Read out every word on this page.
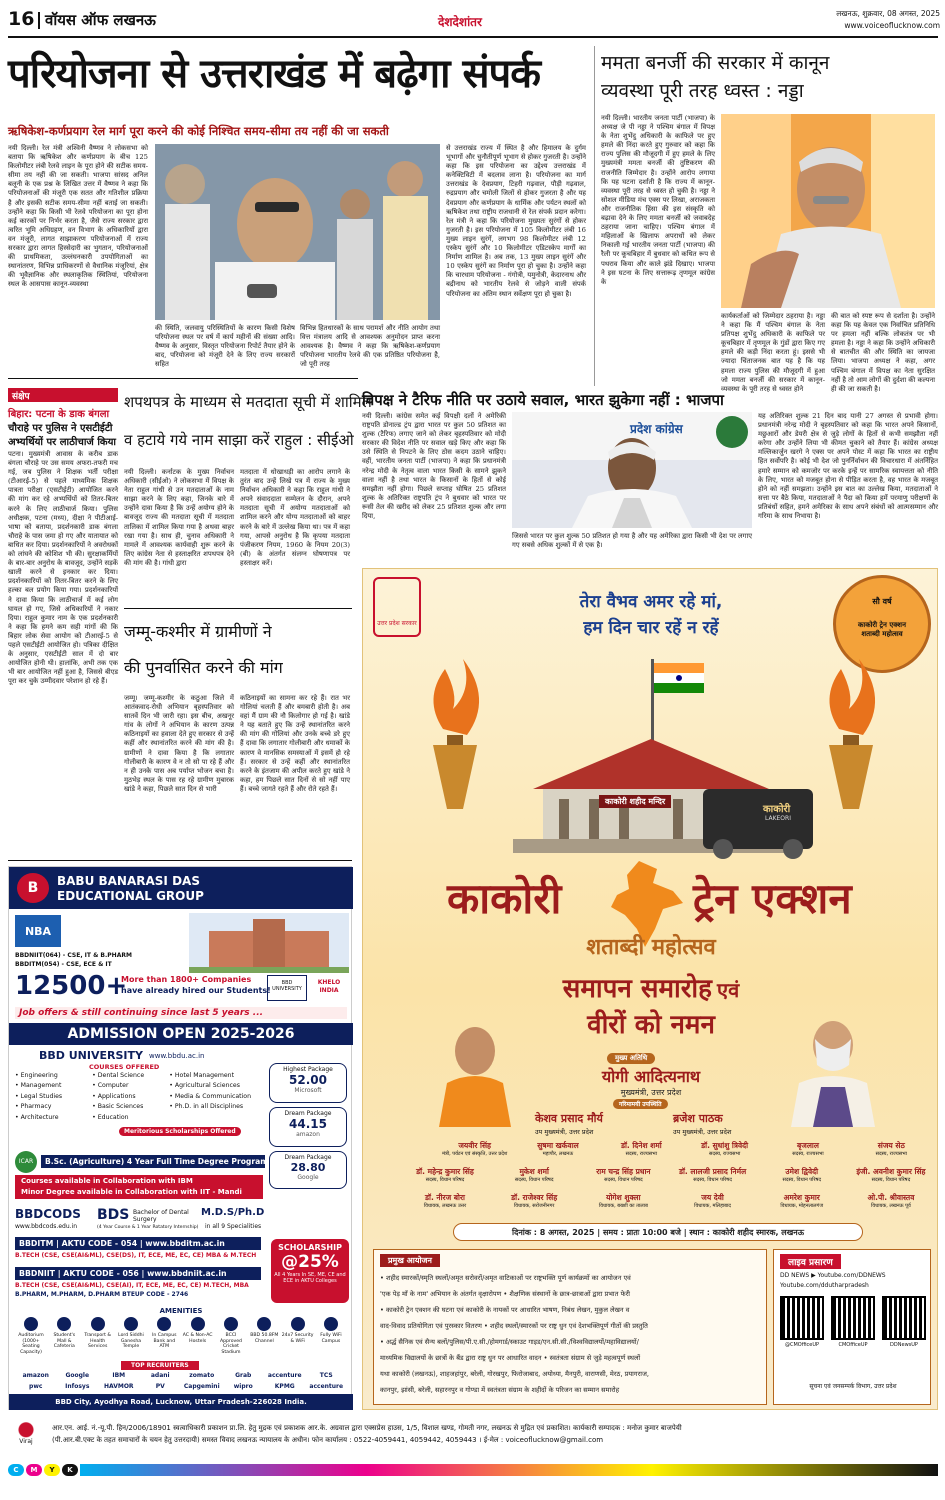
16 वॉयस ऑफ लखनऊ	देशदेशांतर
लखनऊ, शुक्रवार, 08 अगस्त, 2025
www.voiceoflucknow.com
परियोजना से उत्तराखंड में बढ़ेगा संपर्क
ऋषिकेश-कर्णप्रयाग रेल मार्ग पूरा करने की कोई निश्चित समय-सीमा तय नहीं की जा सकती
नयी दिल्ली। रेल मंत्री अश्विनी वैष्णव ने लोकसभा को बताया कि ऋषिकेश और कर्णप्रयाग के बीच 125 किलोमीटर लंबी रेलवे लाइन के पूरा होने की सटीक समय-सीमा तय नहीं की जा सकती। भाजपा सांसद अनिल बलूनी के एक प्रश्न के लिखित उत्तर में वैष्णव ने कहा कि परियोजनाओं की मंजूरी एक सतत और गतिशील प्रक्रिया है और इसकी सटीक समय-सीमा नहीं बताई जा सकती। उन्होंने कहा कि किसी भी रेलवे परियोजना का पूरा होना कई कारकों पर निर्भर करता है, जैसे राज्य सरकार द्वारा त्वरित भूमि अधिग्रहण, वन विभाग के अधिकारियों द्वारा वन मंजूरी, लागत साझाकरण परियोजनाओं में राज्य सरकार द्वारा लागत हिस्सेदारी का भुगतान, परियोजनाओं की प्राथमिकता, उल्लंघनकारी उपयोगिताओं का स्थानांतरण, विभिन्न प्राधिकरणों से वैधानिक मंजूरियां, क्षेत्र की भूवैज्ञानिक और स्थलाकृतिक स्थितियां, परियोजना स्थल के आसपास कानून-व्यवस्था
की स्थिति, जलवायु परिस्थितियों के कारण किसी विशेष परियोजना स्थल पर वर्ष में कार्य महीनों की संख्या आदि। वैष्णव के अनुसार, विस्तृत परियोजना रिपोर्ट तैयार होने के बाद, परियोजना को मंजूरी देने के लिए राज्य सरकारों सहित
विभिन्न हितधारकों के साथ परामर्श और नीति आयोग तथा वित्त मंत्रालय आदि से आवश्यक अनुमोदन प्राप्त करना आवश्यक है। वैष्णव ने कहा कि ऋषिकेश-कर्णप्रयाग परियोजना भारतीय रेलवे की एक प्रतिष्ठित परियोजना है, जो पूरी तरह
से उत्तराखंड राज्य में स्थित है और हिमालय के दुर्गम भूभागों और चुनौतीपूर्ण भूभाग से होकर गुजरती है। उन्होंने कहा कि इस परियोजना का उद्देश्य उत्तराखंड में कनेक्टिविटी में बदलाव लाना है। परियोजना का मार्ग उत्तराखंड के देवप्रयाग, टिहरी गढ़वाल, पौड़ी गढ़वाल, रुद्रप्रयाग और चमोली जिलों से होकर गुजरता है और यह देवप्रयाग और कर्णप्रयाग के धार्मिक और पर्यटन स्थलों को ऋषिकेश तथा राष्ट्रीय राजधानी से रेल संपर्क प्रदान करेगा। रेल मंत्री ने कहा कि परियोजना मुख्यतः सुरंगों से होकर गुजरती है। इस परियोजना में 105 किलोमीटर लंबी 16 मुख्य लाइन सुरंगें, लगभग 98 किलोमीटर लंबी 12 एस्केप सुरंगें और 10 किलोमीटर एडिटस्केप मार्गों का निर्माण शामिल है। अब तक, 13 मुख्य लाइन सुरंगें और 10 एस्केप सुरंगें का निर्माण पूरा हो चुका है। उन्होंने कहा कि चारधाम परियोजना - गंगोत्री, यमुनोत्री, केदारनाथ और बद्रीनाथ को भारतीय रेलवे से जोड़ने वाली संपर्क परियोजना का अंतिम स्थान सर्वेक्षण पूरा हो चुका है।
ममता बनर्जी की सरकार में कानून
व्यवस्था पूरी तरह ध्वस्त : नड्डा
नयी दिल्ली। भारतीय जनता पार्टी (भाजपा) के अध्यक्ष जे पी नड्डा ने पश्चिम बंगाल में विपक्ष के नेता शुभेंदु अधिकारी के काफिले पर हुए हमले की निंदा करते हुए गुरुवार को कहा कि राज्य पुलिस की मौजूदगी में हुए हमले के लिए मुख्यमंत्री ममता बनर्जी की तुष्टिकरण की राजनीति जिम्मेदार है। उन्होंने आरोप लगाया कि यह घटना दर्शाती है कि राज्य में कानून-व्यवस्था पूरी तरह से ध्वस्त हो चुकी है। नड्डा ने सोशल मीडिया मंच एक्स पर लिखा, अराजकता और राजनीतिक हिंसा की इस संस्कृति को बढ़ावा देने के लिए ममता बनर्जी को जवाबदेह ठहराया जाना चाहिए। पश्चिम बंगाल में महिलाओं के खिलाफ अपराधों को लेकर निकाली गई भारतीय जनता पार्टी (भाजपा) की रैली पर कूचबिहार में बुधवार को कथित रूप से पथराव किया और काले झंडे दिखाए। भाजपा ने इस घटना के लिए सत्तारूढ़ तृणमूल कांग्रेस के
कार्यकर्ताओं को जिम्मेदार ठहराया है। नड्डा ने कहा कि मैं पश्चिम बंगाल के नेता प्रतिपक्ष शुभेंदु अधिकारी के काफिले पर कूचबिहार में तृणमूल के गुंडों द्वारा किए गए हमले की कड़ी निंदा करता हूं। इससे भी ज्यादा चिंताजनक बात यह है कि यह हमला राज्य पुलिस की मौजूदगी में हुआ जो ममता बनर्जी की सरकार में कानून-व्यवस्था के पूरी तरह से ध्वस्त होने
की बात को स्पष्ट रूप से दर्शाता है। उन्होंने कहा कि यह केवल एक निर्वाचित प्रतिनिधि पर हमला नहीं बल्कि लोकतंत्र पर भी हमला है। नड्डा ने कहा कि उन्होंने अधिकारी से बातचीत की और स्थिति का जायजा लिया। भाजपा अध्यक्ष ने कहा, अगर पश्चिम बंगाल में विपक्ष का नेता सुरक्षित नहीं है तो आम लोगों की दुर्दशा की कल्पना ही की जा सकती है।
संक्षेप
बिहार: पटना के डाक बंगला
चौराहे पर पुलिस ने एसटीईटी
अभ्यर्थियों पर लाठीचार्ज किया
पटना। मुख्यमंत्री आवास के करीब डाक बंगला चौराहे पर उस समय अफरा-तफरी मच गई, जब पुलिस ने शिक्षक भर्ती परीक्षा (टीआरई-5) से पहले माध्यमिक शिक्षक पात्रता परीक्षा (एसटीईटी) आयोजित करने की मांग कर रहे अभ्यर्थियों को तितर-बितर करने के लिए लाठीचार्ज किया। पुलिस अधीक्षक, पटना (मध्य), दीक्षा ने पीटीआई-भाषा को बताया, प्रदर्शनकारी डाक बंगला चौराहे के पास जमा हो गए और यातायात को बाधित कर दिया। प्रदर्शनकारियों ने अवरोधकों को लांघने की कोशिश भी की। सुरक्षाकर्मियों के बार-बार अनुरोध के बावजूद, उन्होंने सड़कें खाली करने से इनकार कर दिया। प्रदर्शनकारियों को तितर-बितर करने के लिए हल्का बल प्रयोग किया गया। प्रदर्शनकारियों ने दावा किया कि लाठीचार्ज में कई लोग घायल हो गए, जिसे अधिकारियों ने नकार दिया। राहुल कुमार नाम के एक प्रदर्शनकारी ने कहा कि हमने कम सही मांगों की कि बिहार लोक सेवा आयोग को टीआरई-5 से पहले एसटीईटी आयोजित हो। पत्रिका दीक्षित के अनुसार, एसटीईटी साल में दो बार आयोजित होनी थी। हालांकि, अभी तक एक भी बार आयोजित नहीं हुआ है, जिससे बीएड पूरा कर चुके उम्मीदवार परेशान हो रहे हैं।
शपथपत्र के माध्यम से मतदाता सूची में शामिल
व हटाये गये नाम साझा करें राहुल : सीईओ
नयी दिल्ली। कर्नाटक के मुख्य निर्वाचन अधिकारी (सीईओ) ने लोकसभा में विपक्ष के नेता राहुल गांधी से उन मतदाताओं के नाम साझा करने के लिए कहा, जिनके बारे में उन्होंने दावा किया है कि उन्हें अयोग्य होने के बावजूद राज्य की मतदाता सूची में मतदाता तालिका में शामिल किया गया है अथवा बाहर रखा गया है। साथ ही, चुनाव अधिकारी ने मामले में आवश्यक कार्यवाही शुरू करने के लिए कांग्रेस नेता से हस्ताक्षरित शपथपत्र देने की मांग की है। गांधी द्वारा
मतदाता में धोखाधड़ी का आरोप लगाने के तुरंत बाद उन्हें लिखे पत्र में राज्य के मुख्य निर्वाचन अधिकारी ने कहा कि राहुल गांधी ने अपने संवाददाता सम्मेलन के दौरान, अपने मतदाता सूची में अयोग्य मतदाताओं को शामिल करने और योग्य मतदाताओं को बाहर करने के बारे में उल्लेख किया था। पत्र में कहा गया, आपसे अनुरोध है कि कृपया मतदाता पंजीकरण नियम, 1960 के नियम 20(3)(बी) के अंतर्गत संलग्न घोषणापत्र पर हस्ताक्षर करें।
जम्मू-कश्मीर में ग्रामीणों ने
की पुनर्वासित करने की मांग
जम्मू। जम्मू-कश्मीर के कठुआ जिले में आतंकवाद-रोधी अभियान बृहस्पतिवार को सातवें दिन भी जारी रहा। इस बीच, अखनूर गांव के लोगों ने अभियान के कारण उत्पन्न कठिनाइयों का हवाला देते हुए सरकार से उन्हें कहीं और स्थानांतरित करने की मांग की है। ग्रामीणों ने दावा किया है कि लगातार गोलीबारी के कारण वे न तो सो पा रहे हैं और न ही उनके पास अब पर्याप्त भोजन बचा है। मुठभेड़ स्थल के पास रह रहे ग्रामीण मुबारक खांडे ने कहा, पिछले सात दिन से भारी
कठिनाइयों का सामना कर रहे हैं। रात भर गोलियां चलती हैं और बमबारी होती है। अब वहां मैं ग्राम की नौ किलोगार हो गई है। खांडे ने यह बताते हुए कि उन्हें स्थानांतरित करने की मांग की गोलियां और उनके बच्चे डरे हुए हैं दावा कि लगातार गोलीबारी और धमाकों के कारण वे मानसिक समस्याओं में इसमें हो रहे हैं। सरकार से उन्हें कहीं और स्थानांतरित करने के इंतजाम की अपील करते हुए खांडे ने कहा, हम पिछले सात दिनों से सो नहीं पाए हैं। बच्चे जागते रहते हैं और रोते रहते हैं।
विपक्ष ने टैरिफ नीति पर उठाये सवाल, भारत झुकेगा नहीं : भाजपा
प्रदेश कांग्रेस
नयी दिल्ली। कांग्रेस समेत कई विपक्षी दलों ने अमेरिकी राष्ट्रपति डोनाल्ड ट्रंप द्वारा भारत पर कुल 50 प्रतिशत का शुल्क (टैरिफ) लगाए जाने को लेकर बृहस्पतिवार को मोदी सरकार की विदेश नीति पर सवाल खड़े किए और कहा कि उसे स्थिति से निपटने के लिए ठोस कदम उठाने चाहिए। वहीं, भारतीय जनता पार्टी (भाजपा) ने कहा कि प्रधानमंत्री नरेन्द्र मोदी के नेतृत्व वाला भारत किसी के सामने झुकने वाला नहीं है तथा भारत के किसानों के हितों से कोई समझौता नहीं होगा। पिछले सप्ताह घोषित 25 प्रतिशत शुल्क के अतिरिक्त राष्ट्रपति ट्रंप ने बुधवार को भारत पर रूसी तेल की खरीद को लेकर 25 प्रतिशत शुल्क और लगा दिया,
जिससे भारत पर कुल शुल्क 50 प्रतिशत हो गया है और यह अमेरिका द्वारा किसी भी देश पर लगाए गए सबसे अधिक शुल्कों में से एक है।
यह अतिरिक्त शुल्क 21 दिन बाद यानी 27 अगस्त से प्रभावी होगा। प्रधानमंत्री नरेन्द्र मोदी ने बृहस्पतिवार को कहा कि भारत अपने किसानों, मछुआरों और डेयरी क्षेत्र से जुड़े लोगों के हितों से कभी समझौता नहीं करेगा और उन्होंने लिया भी कीमत चुकाने को तैयार हैं। कांग्रेस अध्यक्ष मल्लिकार्जुन खरगे ने एक्स पर अपने पोस्ट में कहा कि भारत का राष्ट्रीय हित सर्वोपरि है। कोई भी देश जो पुनर्निर्वाचन की विचारधारा में अंतर्निहित हमारे सम्मान को कमजोर पर करके इन्हें पर सामरिक स्वायत्तता को नीति के लिए, भारत को मजबूत होना से पीड़ित करता है, वह भारत के मजबूत होने को नहीं समझता। उन्होंने इस बात का उल्लेख किया, मतदाताओं ने सत्ता पर बैठे किया, मतदाताओं ने पैदा को किया हमें परमाणु परीक्षणों के प्रतिबंधों सहित, हमने अमेरिका के साथ अपने संबंधों को आत्मसम्मान और गरिमा के साथ निभाया है।
B	BABU BANARASI DAS
EDUCATIONAL GROUP
NBA
BBDNIIT(064) - CSE, IT & B.PHARM
BBDITM(054) - CSE, ECE & IT
12500+
More than 1800+ Companies
have already hired our Students!
BBD UNIVERSITY
KHELO INDIA
Job offers & still continuing since last 5 years ...
ADMISSION OPEN 2025-2026
BBD UNIVERSITY www.bbdu.ac.in
COURSES OFFERED
• Engineering	• Dental Science	• Hotel Management
• Management	• Computer	• Agricultural Sciences
• Legal Studies	• Applications	• Media & Communication
• Pharmacy	• Basic Sciences	• Ph.D. in all Disciplines
• Architecture	• Education
Meritorious Scholarships Offered
Highest Package
52.00
Microsoft
Dream Package
44.15
amazon
Dream Package
28.80
Google
ICAR	B.Sc. (Agriculture) 4 Year Full Time Degree Program
Courses available in Collaboration with IBM
Minor Degree available in Collaboration with IIT - Mandi
BBDCODS
www.bbdcods.edu.in
BDS Bachelor of Dental Surgery
(4 Year Course & 1 Year Rotatory Internship)
M.D.S/Ph.D
in all 9 Specialities
BBDITM | AKTU CODE - 054 | www.bbditm.ac.in
B.TECH (CSE, CSE(AI&ML), CSE(DS), IT, ECE, ME, EC, CE) MBA & M.TECH
BBDNIIT | AKTU CODE - 056 | www.bbdniit.ac.in
B.TECH (CSE, CSE(AI&ML), CSE(AI), IT, ECE, ME, EC, CE) M.TECH, MBA
B.PHARM, M.PHARM, D.PHARM BTEUP CODE - 2746
SCHOLARSHIP
@25%
All 4 Years In SE, ME, CE and ECE in AKTU Colleges
AMENITIES
Auditorium (1000+ Seating Capacity)
Student's Mall & Cafeteria
Transport & Health Services
Lord Siddhi Ganesha Temple
In Campus Bank and ATM
AC & Non-AC Hostels
BCCI Approved Cricket Stadium
BBD 50.8FM Channel
24x7 Security & WiFi
Fully WiFi Campus
TOP RECRUITERS
amazon	Google	IBM	adani	zomato	Grab	accenture	TCS
pwc	Infosys	HAVMOR	PV	Capgemini	wipro	KPMG	accenture
BBD City, Ayodhya Road, Lucknow, Uttar Pradesh-226028 India.
उत्तर प्रदेश सरकार
तेरा वैभव अमर रहे मां,
हम दिन चार रहें न रहें
सौ वर्ष
काकोरी ट्रेन एक्शन
शताब्दी महोत्सव
काकोरी शहीद मन्दिर
काकोरी
LAKEORI
काकोरी	ट्रेन एक्शन
शताब्दी महोत्सव
समापन समारोह एवं
वीरों को नमन
मुख्य अतिथि
योगी आदित्यनाथ
मुख्यमंत्री, उत्तर प्रदेश
गरिमामयी उपस्थिति
केशव प्रसाद मौर्य
उप मुख्यमंत्री, उत्तर प्रदेश
ब्रजेश पाठक
उप मुख्यमंत्री, उत्तर प्रदेश
जयवीर सिंह
मंत्री, पर्यटन एवं संस्कृति, उत्तर प्रदेश
सुषमा खर्कवाल
महापौर, लखनऊ
डॉ. दिनेश शर्मा
सदस्य, राज्यसभा
डॉ. सुधांशु त्रिवेदी
सदस्य, राज्यसभा
बृजलाल
सदस्य, राज्यसभा
संजय सेठ
सदस्य, राज्यसभा
डॉ. महेन्द्र कुमार सिंह
सदस्य, विधान परिषद
मुकेश शर्मा
सदस्य, विधान परिषद
राम चन्द्र सिंह प्रधान
सदस्य, विधान परिषद
डॉ. लालजी प्रसाद निर्मल
सदस्य, विधान परिषद
उमेश द्विवेदी
सदस्य, विधान परिषद
इंजी. अवनीश कुमार सिंह
सदस्य, विधान परिषद
डॉ. नीरज बोरा
विधायक, लखनऊ उत्तर
डॉ. राजेश्वर सिंह
विधायक, सरोजनीनगर
योगेश शुक्ला
विधायक, बख्शी का तालाब
जय देवी
विधायक, मलिहाबाद
अमरेश कुमार
विधायक, मोहनलालगंज
ओ.पी. श्रीवास्तव
विधायक, लखनऊ पूर्व
दिनांक : 8 अगस्त, 2025 | समय : प्रातः 10:00 बजे | स्थान : काकोरी शहीद स्मारक, लखनऊ
प्रमुख आयोजन
• शहीद स्मारकों/स्मृति स्थलों/अमृत सरोवरों/अमृत वाटिकाओं पर राष्ट्रभक्ति पूर्ण कार्यक्रमों का आयोजन एवं
'एक पेड़ माँ के नाम' अभियान के अंतर्गत वृक्षारोपण • शैक्षणिक संस्थानों के छात्र-छात्राओं द्वारा प्रभात फेरी
• काकोरी ट्रेन एक्शन की घटना एवं काकोरी के नायकों पर आधारित भाषण, निबंध लेखन, मुकुल लेखन व
वाद-विवाद प्रतियोगिता एवं पुरस्कार वितरण • शहीद स्थलों/स्मारकों पर राष्ट्र धुन एवं देशभक्तिपूर्ण गीतों की प्रस्तुति
• अर्द्ध सैनिक एवं सैन्य बलों/पुलिस/पी.ए.सी./होमगार्ड/स्काउट गाइड/एन.सी.सी./विश्वविद्यालयों/महाविद्यालयों/
माध्यमिक विद्यालयों के छात्रों के बैंड द्वारा राष्ट्र धुन पर आधारित वादन • स्वतंत्रता संग्राम से जुड़े महत्वपूर्ण स्थलों
यथा काकोरी (लखनऊ), शाहजहांपुर, बरेली, गोरखपुर, फिरोजाबाद, अयोध्या, मैनपुरी, वाराणसी, मेरठ, प्रयागराज,
कानपुर, झांसी, बरेली, सहारनपुर व गोण्डा में स्वतंत्रता संग्राम के शहीदों के परिजन का सम्मान समारोह
लाइव प्रसारण
DD NEWS ▶ Youtube.com/DDNEWS
Youtube.com/ddutharpradesh
@CMOfficeUP	CMOfficeUP	DDNewsUP
सूचना एवं जनसम्पर्क विभाग, उत्तर प्रदेश
Viraj
आर.एन. आई. नं.-यू.पी. हिन/2006/18901 स्वत्वाधिकारी प्रकाशन प्रा.लि. हेतु मुद्रक एवं प्रकाशक आर.के. अग्रवाल द्वारा एक्सप्रेस हाउस, 1/5, विशाल खण्ड, गोमती नगर, लखनऊ से मुद्रित एवं प्रकाशित। कार्यकारी सम्पादक : मनोज कुमार बाजपेयी
(पी.आर.बी.एक्ट के तहत समाचारों के चयन हेतु उत्तरदायी) समस्त विवाद लखनऊ न्यायालय के अधीन। फोन कार्यालय : 0522-4059441, 4059442, 4059443 । ई-मेल : voiceoflucknow@gmail.com
C	M	Y	K
